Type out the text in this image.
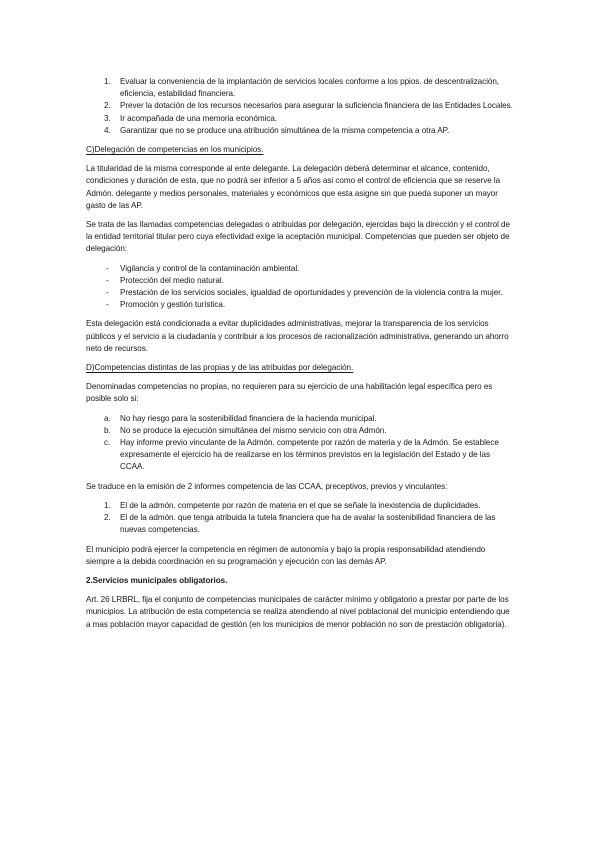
1. Evaluar la conveniencia de la implantación de servicios locales conforme a los ppios. de descentralización, eficiencia, estabilidad financiera.
2. Prever la dotación de los recursos necesarios para asegurar la suficiencia financiera de las Entidades Locales.
3. Ir acompañada de una memoria económica.
4. Garantizar que no se produce una atribución simultánea de la misma competencia a otra AP.

C)Delegación de competencias en los municipios.

La titularidad de la misma corresponde al ente delegante. La delegación deberá determinar el alcance, contenido, condiciones y duración de esta, que no podrá ser inferior a 5 años asi como el control de eficiencia que se reserve la Admón. delegante y medios personales, materiales y económicos que esta asigne sin que pueda suponer un mayor gasto de las AP.

Se trata de las llamadas competencias delegadas o atribuidas por delegación, ejercidas bajo la dirección y el control de la entidad territorial titular pero cuya efectividad exige la aceptación municipal. Competencias que pueden ser objeto de delegación:

- Vigilancia y control de la contaminación ambiental.
- Protección del medio natural.
- Prestación de los servicios sociales, igualdad de oportunidades y prevención de la violencia contra la mujer.
- Promoción y gestión turística.

Esta delegación está condicionada a evitar duplicidades administrativas, mejorar la transparencia de los servicios públicos y el servicio a la ciudadanía y contribuir a los procesos de racionalización administrativa, generando un ahorro neto de recursos.

D)Competencias distintas de las propias y de las atribuidas por delegación.

Denominadas competencias no propias, no requieren para su ejercicio de una habilitación legal específica pero es posible solo si:

a. No hay riesgo para la sostenibilidad financiera de la hacienda municipal.
b. No se produce la ejecución simultánea del mismo servicio con otra Admón.
c. Hay informe previo vinculante de la Admón. competente por razón de materia y de la Admón. Se establece expresamente el ejercicio ha de realizarse en los términos previstos en la legislación del Estado y de las CCAA.

Se traduce en la emisión de 2 informes competencia de las CCAA, preceptivos, previos y vinculantes:

1. El de la admón. competente por razón de materia en el que se señale la inexistencia de duplicidades.
2. El de la admón. que tenga atribuida la tutela financiera que ha de avalar la sostenibilidad financiera de las nuevas competencias.

El municipio podrá ejercer la competencia en régimen de autonomía y bajo la propia responsabilidad atendiendo siempre a la debida coordinación en su programación y ejecución con las demás AP.

2.Servicios municipales obligatorios.

Art. 26 LRBRL, fija el conjunto de competencias municipales de carácter mínimo y obligatorio a prestar por parte de los municipios. La atribución de esta competencia se realiza atendiendo al nivel poblacional del municipio entendiendo que a mas población mayor capacidad de gestión (en los municipios de menor población no son de prestación obligatoria).
